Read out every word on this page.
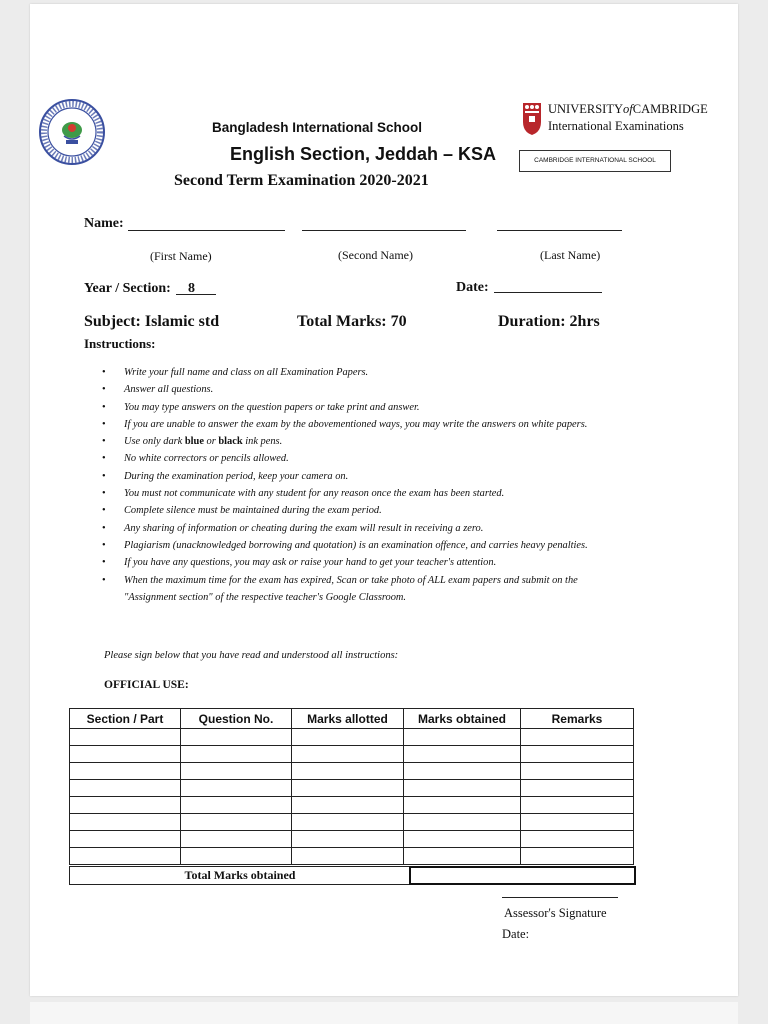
Bangladesh International School
English Section, Jeddah – KSA
Second Term Examination 2020-2021
UNIVERSITYofCAMBRIDGE
International Examinations
CAMBRIDGE INTERNATIONAL SCHOOL
Name:
(First Name)	(Second Name)	(Last Name)
Year / Section: 8	Date:
Subject: Islamic std	Total Marks: 70	Duration: 2hrs
Instructions:
• Write your full name and class on all Examination Papers.
• Answer all questions.
• You may type answers on the question papers or take print and answer.
• If you are unable to answer the exam by the abovementioned ways, you may write the answers on white papers.
• Use only dark blue or black ink pens.
• No white correctors or pencils allowed.
• During the examination period, keep your camera on.
• You must not communicate with any student for any reason once the exam has been started.
• Complete silence must be maintained during the exam period.
• Any sharing of information or cheating during the exam will result in receiving a zero.
• Plagiarism (unacknowledged borrowing and quotation) is an examination offence, and carries heavy penalties.
• If you have any questions, you may ask or raise your hand to get your teacher's attention.
• When the maximum time for the exam has expired, Scan or take photo of ALL exam papers and submit on the "Assignment section" of the respective teacher's Google Classroom.
Please sign below that you have read and understood all instructions:
OFFICIAL USE:
Section / Part	Question No.	Marks allotted	Marks obtained	Remarks

Total Marks obtained
Assessor's Signature
Date:
